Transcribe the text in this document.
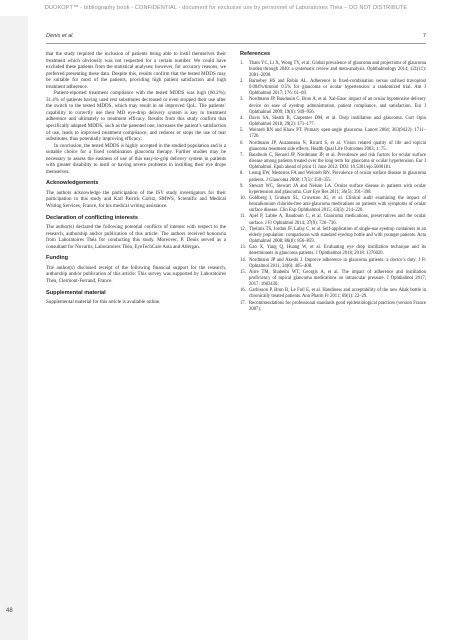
DUOKOPT™ - bibliography book - CONFIDENTIAL - document for exclusive use by personnel of Laboratoires Théa – DO NOT DISTRIBUTE
48
Denis et al.	7

that the study required the inclusion of patients being able to instil themselves their treatment which obviously was not respected for a certain number. We could have excluded these patients from the statistical analyses; however, for accuracy reasons, we preferred presenting these data. Despite this, results confirm that the tested MDDS may be suitable for most of the patients, providing high patient satisfaction and high treatment adherence.

Patient-reported treatment compliance with the tested MDDS was high (60.2%); 31.4% of patients having used test substitutes decreased or even stopped their use after the switch to the tested MDDS, which may result in an improved QoL. The patients’ capability to correctly use their MD eye-drop delivery system is key to treatment adherence and ultimately to treatment efficacy. Results from this study confirm that specifically adapted MDDS, such as the patented one, increases the patient’s satisfaction of use, leads to improved treatment compliance, and reduces or stops the use of tear substitutes, thus potentially improving efficacy.

In conclusion, the tested MDDS is highly accepted in the studied population and is a suitable choice for a fixed combination glaucoma therapy. Further studies may be necessary to assess the easiness of use of this easy-to-grip delivery system in patients with greater disability to instil or having severe problems in instilling their eye drops themselves.

Acknowledgements

The authors acknowledge the participation of the ISY study investigators for their participation in this study and Karl Patrick Goritz, SMWS, Scientific and Medical Writing Services, France, for his medical writing assistance.

Declaration of conflicting interests

The author(s) declared the following potential conflicts of interest with respect to the research, authorship and/or publication of this article: The authors received honoraria from Laboratoires Théa for conducting this study. Moreover, P. Denis served as a consultant for Novartis, Laboratoires Théa, EyeTechCare Asta and Allergan.

Funding

The author(s) disclosed receipt of the following financial support for the research, authorship and/or publication of this article: This survey was supported by Laboratoires Théa, Clermont-Ferrand, France.

Supplemental material

Supplemental material for this article is available online.

References
1. Tham YC, Li X, Wong TY, et al. Global prevalence of glaucoma and projections of glaucoma burden through 2040: a systematic review and meta-analysis. Ophthalmology 2014; 121(11): 2081–2090.
2. Barnebey HS and Robin AL. Adherence to fixed-combination versus unfixed travoprost 0.004%/timolol 0.5% for glaucoma or ocular hypertension: a randomized trial. Am J Ophthalmol 2017; 176: 61–69.
3. Nordmann JP, Baudouin C, Bron A, et al. Xal-Ease: impact of an ocular hypotensive delivery device on ease of eyedrop administration, patient compliance, and satisfaction. Eur J Ophthalmol 2009; 19(6): 949–956.
4. Davis SA, Sleath B, Carpenter DM, et al. Drop instillation and glaucoma. Curr Opin Ophthalmol 2018; 29(2): 171–177.
5. Weinreb RN and Khaw PT. Primary open-angle glaucoma. Lancet 2004; 363(9422): 1711–1720.
6. Nordmann JP, Auzanneau N, Ricard S, et al. Vision related quality of life and topical glaucoma treatment side effects. Health Qual Life Outcomes 2003; 1: 75.
7. Baudouin C, Renard JP, Nordmann JP, et al. Prevalence and risk factors for ocular surface disease among patients treated over the long term for glaucoma or ocular hypertension. Eur J Ophthalmol. Epub ahead of print 11 June 2012. DOI: 10.5301/ejo.5000181.
8. Leung EW, Medeiros FA and Weinreb RN. Prevalence of ocular surface disease in glaucoma patients. J Glaucoma 2008; 17(5): 350–355.
9. Stewart WC, Stewart JA and Nelson LA. Ocular surface disease in patients with ocular hypertension and glaucoma. Curr Eye Res 2011; 36(5): 391–398.
10. Goldberg I, Graham SL, Crowston JG, et al. Clinical audit examining the impact of benzalkonium chloride-free anti-glaucoma medications on patients with symptoms of ocular surface disease. Clin Exp Ophthalmol 2015; 43(3): 214–220.
11. Apel P, Labbe A, Baudouin C, et al. Glaucoma medications, preservatives and the ocular surface. J Fr Ophtalmol 2014; 37(9): 726–736.
12. Thelaris TS, Jordan JF, Lafay C, et al. Self-application of single-use eyedrop containers in an elderly population: comparisons with standard eyedrop bottle and with younger patients. Acta Ophthalmol 2008; 86(8): 856–859.
13. Gao X, Yang Q, Huang W, et al. Evaluating eye drop instillation technique and its determinants in glaucoma patients. J Ophthalmol 2018; 2018: 1376020.
14. Nordmann JP and Akesbi J. Improve adherence in glaucoma patients: a doctor’s duty. J Fr Ophtalmol 2011; 34(6): 405–408.
15. Aitre TM, Shabeibi WT, Georgis A, et al. The impact of adherence and instillation proficiency of topical glaucoma medications on intraocular pressure. J Ophthalmol 2017; 2017: 1683430.
16. Garbisson P, Brun B, Le Foll E, et al. Handiness and acceptability of the new Abak bottle in chronically treated patients. Ann Pharm Fr 2011; 69(1): 22–29.
17. Recommendations for professional standards good epidemiological practices (version France 2007).
